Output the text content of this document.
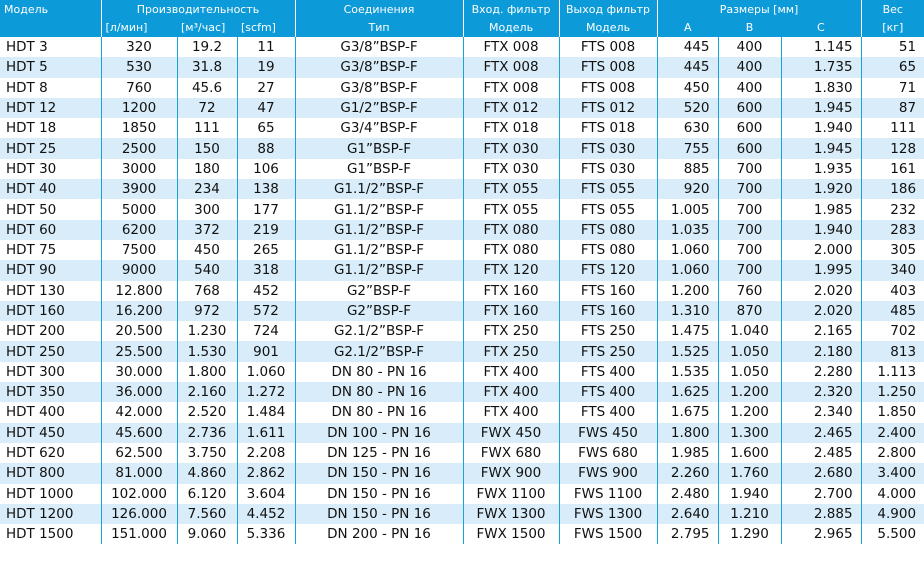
Модель	Производительность			Соединения	Вход. фильтр	Выход фильтр	Размеры [мм]			Вес
	[л/мин]	[м³/час]	[scfm]	Тип	Модель	Модель	A	B	C	[кг]
HDT 3	320	19.2	11	G3/8”BSP-F	FTX 008	FTS 008	445	400	1.145	51
HDT 5	530	31.8	19	G3/8”BSP-F	FTX 008	FTS 008	445	400	1.735	65
HDT 8	760	45.6	27	G3/8”BSP-F	FTX 008	FTS 008	450	400	1.830	71
HDT 12	1200	72	47	G1/2”BSP-F	FTX 012	FTS 012	520	600	1.945	87
HDT 18	1850	111	65	G3/4”BSP-F	FTX 018	FTS 018	630	600	1.940	111
HDT 25	2500	150	88	G1”BSP-F	FTX 030	FTS 030	755	600	1.945	128
HDT 30	3000	180	106	G1”BSP-F	FTX 030	FTS 030	885	700	1.935	161
HDT 40	3900	234	138	G1.1/2”BSP-F	FTX 055	FTS 055	920	700	1.920	186
HDT 50	5000	300	177	G1.1/2”BSP-F	FTX 055	FTS 055	1.005	700	1.985	232
HDT 60	6200	372	219	G1.1/2”BSP-F	FTX 080	FTS 080	1.035	700	1.940	283
HDT 75	7500	450	265	G1.1/2”BSP-F	FTX 080	FTS 080	1.060	700	2.000	305
HDT 90	9000	540	318	G1.1/2”BSP-F	FTX 120	FTS 120	1.060	700	1.995	340
HDT 130	12.800	768	452	G2”BSP-F	FTX 160	FTS 160	1.200	760	2.020	403
HDT 160	16.200	972	572	G2”BSP-F	FTX 160	FTS 160	1.310	870	2.020	485
HDT 200	20.500	1.230	724	G2.1/2”BSP-F	FTX 250	FTS 250	1.475	1.040	2.165	702
HDT 250	25.500	1.530	901	G2.1/2”BSP-F	FTX 250	FTS 250	1.525	1.050	2.180	813
HDT 300	30.000	1.800	1.060	DN 80 - PN 16	FTX 400	FTS 400	1.535	1.050	2.280	1.113
HDT 350	36.000	2.160	1.272	DN 80 - PN 16	FTX 400	FTS 400	1.625	1.200	2.320	1.250
HDT 400	42.000	2.520	1.484	DN 80 - PN 16	FTX 400	FTS 400	1.675	1.200	2.340	1.850
HDT 450	45.600	2.736	1.611	DN 100 - PN 16	FWX 450	FWS 450	1.800	1.300	2.465	2.400
HDT 620	62.500	3.750	2.208	DN 125 - PN 16	FWX 680	FWS 680	1.985	1.600	2.485	2.800
HDT 800	81.000	4.860	2.862	DN 150 - PN 16	FWX 900	FWS 900	2.260	1.760	2.680	3.400
HDT 1000	102.000	6.120	3.604	DN 150 - PN 16	FWX 1100	FWS 1100	2.480	1.940	2.700	4.000
HDT 1200	126.000	7.560	4.452	DN 150 - PN 16	FWX 1300	FWS 1300	2.640	1.210	2.885	4.900
HDT 1500	151.000	9.060	5.336	DN 200 - PN 16	FWX 1500	FWS 1500	2.795	1.290	2.965	5.500
